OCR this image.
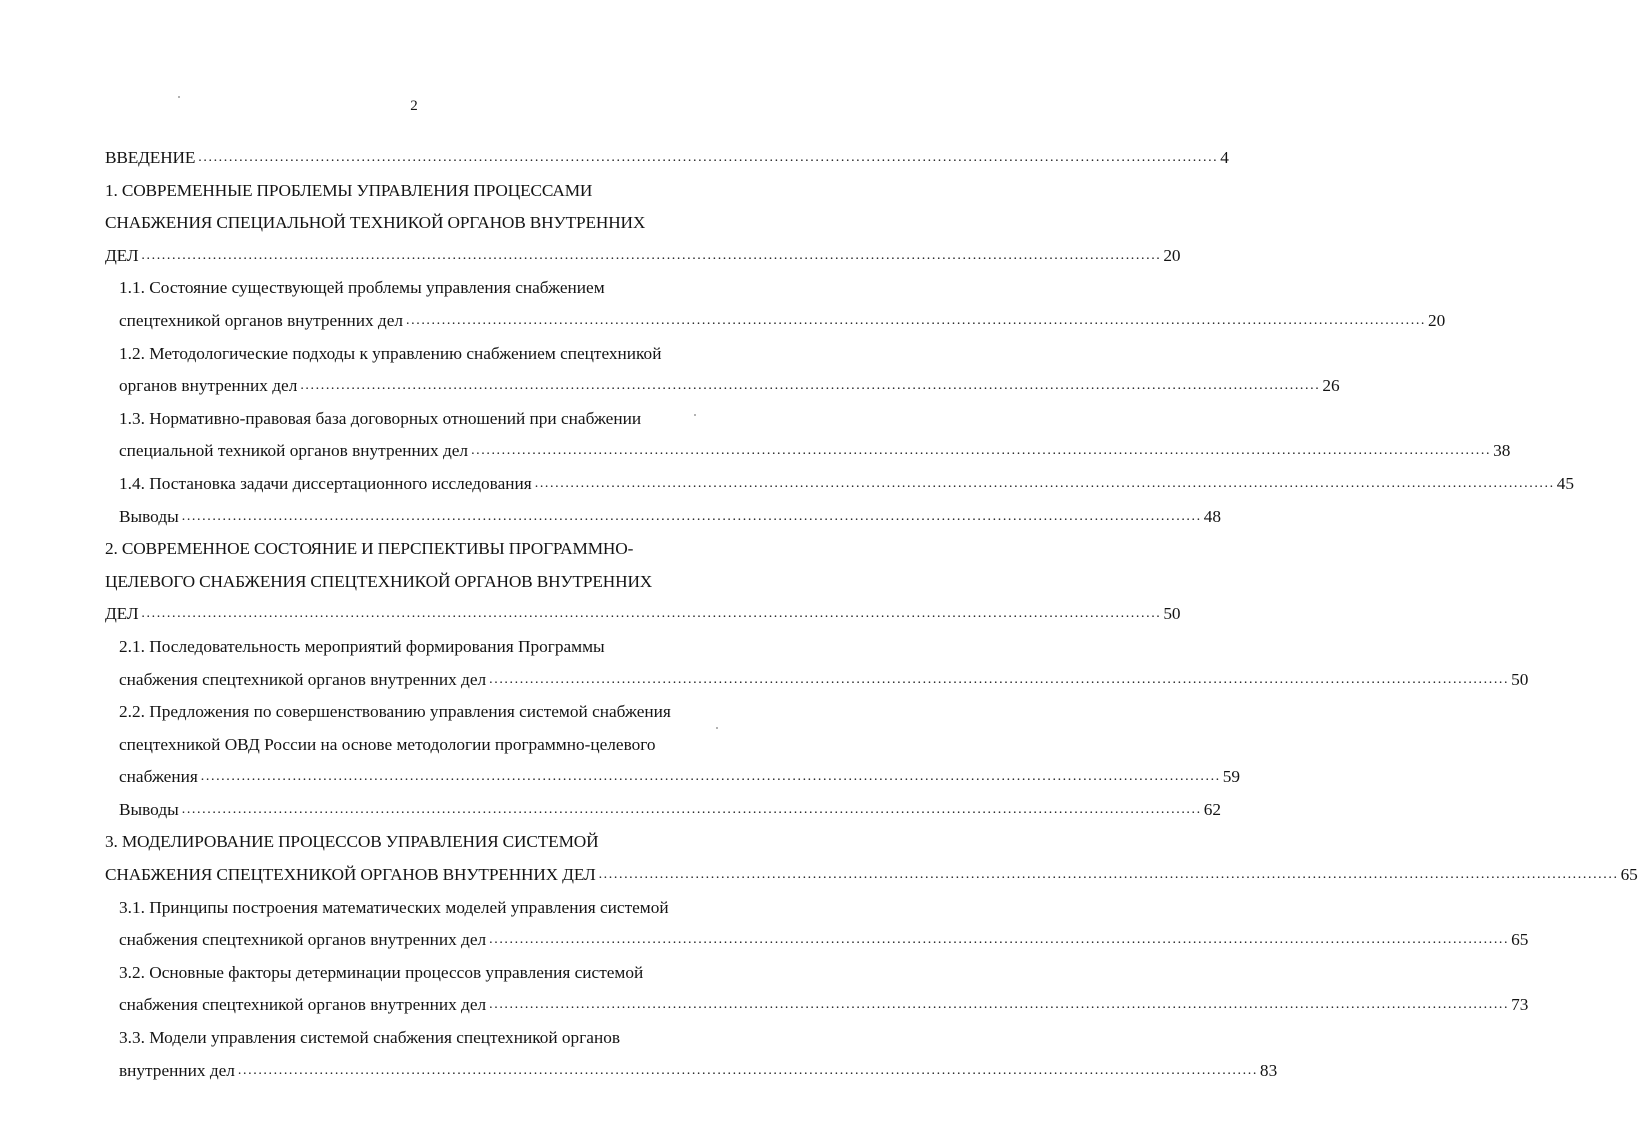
2
ВВЕДЕНИЕ ........................................................................................................................................................................................................ 4
1. СОВРЕМЕННЫЕ ПРОБЛЕМЫ УПРАВЛЕНИЯ ПРОЦЕССАМИ
СНАБЖЕНИЯ СПЕЦИАЛЬНОЙ ТЕХНИКОЙ ОРГАНОВ ВНУТРЕННИХ
ДЕЛ ........................................................................................................................................................................................................ 20
1.1. Состояние существующей проблемы управления снабжением
спецтехникой органов внутренних дел ........................................................................................................................................................................................................ 20
1.2. Методологические подходы к управлению снабжением спецтехникой
органов внутренних дел ........................................................................................................................................................................................................ 26
1.3. Нормативно-правовая база договорных отношений при снабжении
специальной техникой органов внутренних дел ........................................................................................................................................................................................................ 38
1.4. Постановка задачи диссертационного исследования ........................................................................................................................................................................................................ 45
Выводы ........................................................................................................................................................................................................ 48
2. СОВРЕМЕННОЕ СОСТОЯНИЕ И ПЕРСПЕКТИВЫ ПРОГРАММНО-
ЦЕЛЕВОГО СНАБЖЕНИЯ СПЕЦТЕХНИКОЙ ОРГАНОВ ВНУТРЕННИХ
ДЕЛ ........................................................................................................................................................................................................ 50
2.1. Последовательность мероприятий формирования Программы
снабжения спецтехникой органов внутренних дел ........................................................................................................................................................................................................ 50
2.2. Предложения по совершенствованию управления системой снабжения
спецтехникой ОВД России на основе методологии программно-целевого
снабжения ........................................................................................................................................................................................................ 59
Выводы ........................................................................................................................................................................................................ 62
3. МОДЕЛИРОВАНИЕ ПРОЦЕССОВ УПРАВЛЕНИЯ СИСТЕМОЙ
СНАБЖЕНИЯ СПЕЦТЕХНИКОЙ ОРГАНОВ ВНУТРЕННИХ ДЕЛ ........................................................................................................................................................................................................ 65
3.1. Принципы построения математических моделей управления системой
снабжения спецтехникой органов внутренних дел ........................................................................................................................................................................................................ 65
3.2. Основные факторы детерминации процессов управления системой
снабжения спецтехникой органов внутренних дел ........................................................................................................................................................................................................ 73
3.3. Модели управления системой снабжения спецтехникой органов
внутренних дел ........................................................................................................................................................................................................ 83
